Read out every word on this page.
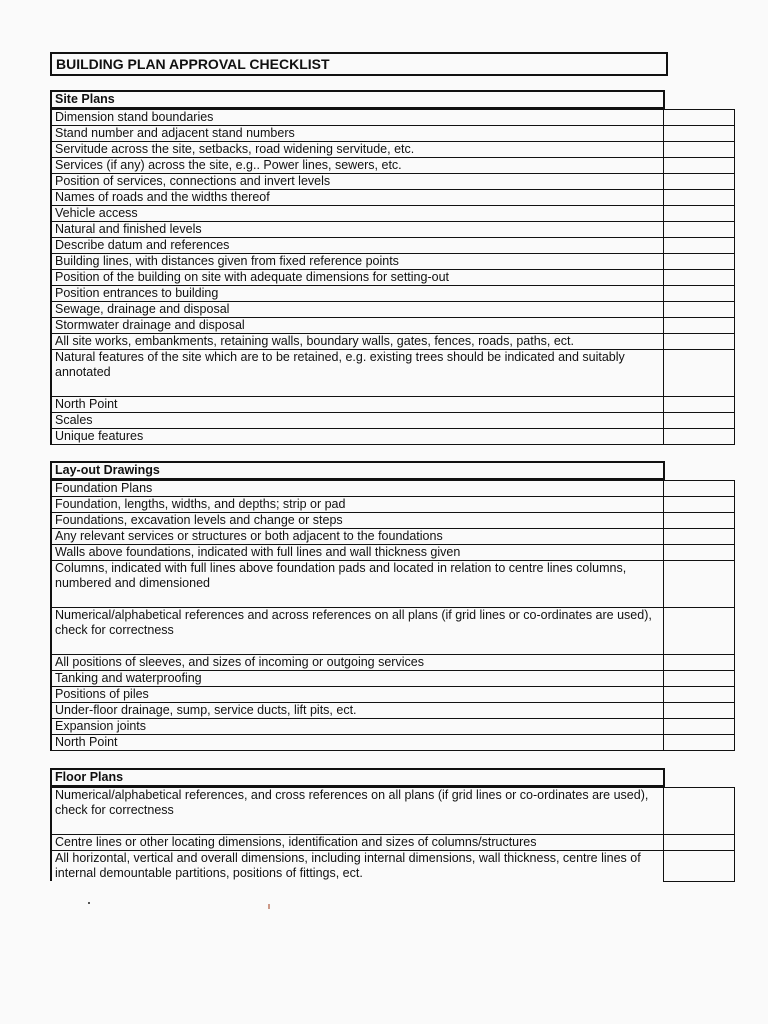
BUILDING PLAN APPROVAL CHECKLIST
Site Plans
Dimension stand boundaries	
Stand number and adjacent stand numbers	
Servitude across the site, setbacks, road widening servitude, etc.	
Services (if any) across the site, e.g.. Power lines, sewers, etc.	
Position of services, connections and invert levels	
Names of roads and the widths thereof	
Vehicle access	
Natural and finished levels	
Describe datum and references	
Building lines, with distances given from fixed reference points	
Position of the building on site with adequate dimensions for setting-out	
Position entrances to building	
Sewage, drainage and disposal	
Stormwater drainage and disposal	
All site works, embankments, retaining walls, boundary walls, gates, fences, roads, paths, ect.	
Natural features of the site which are to be retained, e.g. existing trees should be indicated and suitably annotated	
North Point	
Scales	
Unique features	
Lay-out Drawings
Foundation Plans	
Foundation, lengths, widths, and depths; strip or pad	
Foundations, excavation levels and change or steps	
Any relevant services or structures or both adjacent to the foundations	
Walls above foundations, indicated with full lines and wall thickness given	
Columns, indicated with full lines above foundation pads and located in relation to centre lines columns, numbered and dimensioned	
Numerical/alphabetical references and across references on all plans (if grid lines or co-ordinates are used), check for correctness	
All positions of sleeves, and sizes of incoming or outgoing services	
Tanking and waterproofing	
Positions of piles	
Under-floor drainage, sump, service ducts, lift pits, ect.	
Expansion joints	
North Point	
Floor Plans
Numerical/alphabetical references, and cross references on all plans (if grid lines or co-ordinates are used), check for correctness	
Centre lines or other locating dimensions, identification and sizes of columns/structures	
All horizontal, vertical and overall dimensions, including internal dimensions, wall thickness, centre lines of internal demountable partitions, positions of fittings, ect.	
